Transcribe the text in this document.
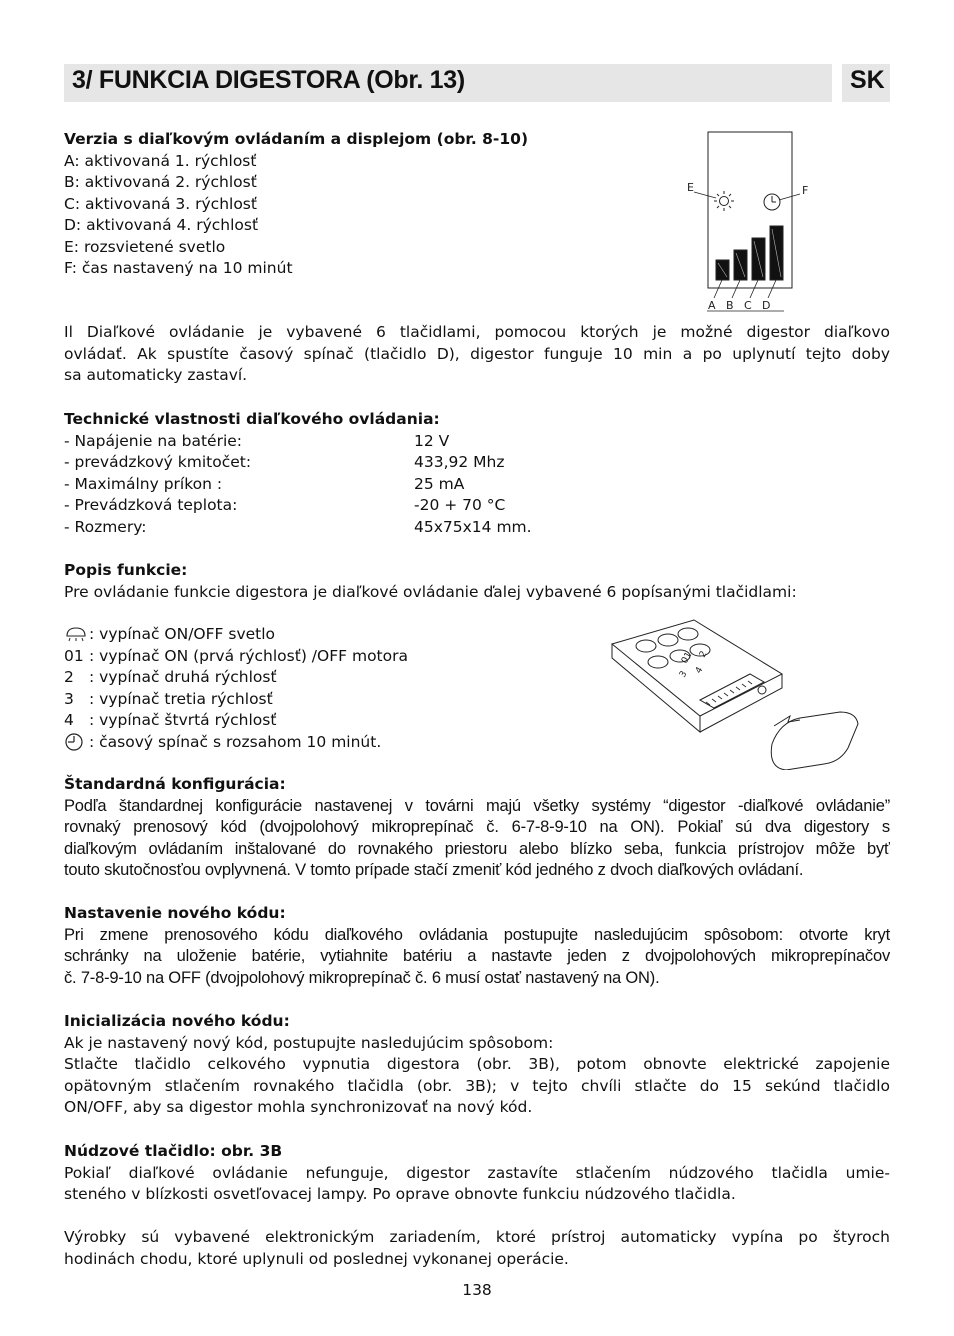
3/ FUNKCIA DIGESTORA (Obr. 13)	SK
Verzia s diaľkovým ovládaním a displejom (obr. 8-10)
A: aktivovaná 1. rýchlosť
B: aktivovaná 2. rýchlosť
C: aktivovaná 3. rýchlosť
D: aktivovaná 4. rýchlosť
E: rozsvietené svetlo
F: čas nastavený na 10 minút
E	F
A B C D
Il Diaľkové ovládanie je vybavené 6 tlačidlami, pomocou ktorých je možné digestor diaľkovo
ovládať. Ak spustíte časový spínač (tlačidlo D), digestor funguje 10 min a po uplynutí tejto doby
sa automaticky zastaví.
Technické vlastnosti diaľkového ovládania:
- Napájenie na batérie:	12 V
- prevádzkový kmitočet:	433,92 Mhz
- Maximálny príkon :	25 mA
- Prevádzková teplota:	-20 + 70 °C
- Rozmery:	45x75x14 mm.
Popis funkcie:
Pre ovládanie funkcie digestora je diaľkové ovládanie ďalej vybavené 6 popísanými tlačidlami:
: vypínač ON/OFF svetlo
01 : vypínač ON (prvá rýchlosť) /OFF motora
2 : vypínač druhá rýchlosť
3 : vypínač tretia rýchlosť
4 : vypínač štvrtá rýchlosť
: časový spínač s rozsahom 10 minút.
01 2
3 4
Štandardná konfigurácia:
Podľa štandardnej konfigurácie nastavenej v továrni majú všetky systémy “digestor -diaľkové ovládanie”
rovnaký prenosový kód (dvojpolohový mikroprepínač č. 6-7-8-9-10 na ON). Pokiaľ sú dva digestory s
diaľkovým ovládaním inštalované do rovnakého priestoru alebo blízko seba, funkcia prístrojov môže byť
touto skutočnosťou ovplyvnená. V tomto prípade stačí zmeniť kód jedného z dvoch diaľkových ovládaní.
Nastavenie nového kódu:
Pri zmene prenosového kódu diaľkového ovládania postupujte nasledujúcim spôsobom: otvorte kryt
schránky na uloženie batérie, vytiahnite batériu a nastavte jeden z dvojpolohových mikroprepínačov
č. 7-8-9-10 na OFF (dvojpolohový mikroprepínač č. 6 musí ostať nastavený na ON).
Inicializácia nového kódu:
Ak je nastavený nový kód, postupujte nasledujúcim spôsobom:
Stlačte tlačidlo celkového vypnutia digestora (obr. 3B), potom obnovte elektrické zapojenie
opätovným stlačením rovnakého tlačidla (obr. 3B); v tejto chvíli stlačte do 15 sekúnd tlačidlo
ON/OFF, aby sa digestor mohla synchronizovať na nový kód.
Núdzové tlačidlo: obr. 3B
Pokiaľ diaľkové ovládanie nefunguje, digestor zastavíte stlačením núdzového tlačidla umie-
steného v blízkosti osvetľovacej lampy. Po oprave obnovte funkciu núdzového tlačidla.
Výrobky sú vybavené elektronickým zariadením, ktoré prístroj automaticky vypína po štyroch
hodinách chodu, ktoré uplynuli od poslednej vykonanej operácie.
138
